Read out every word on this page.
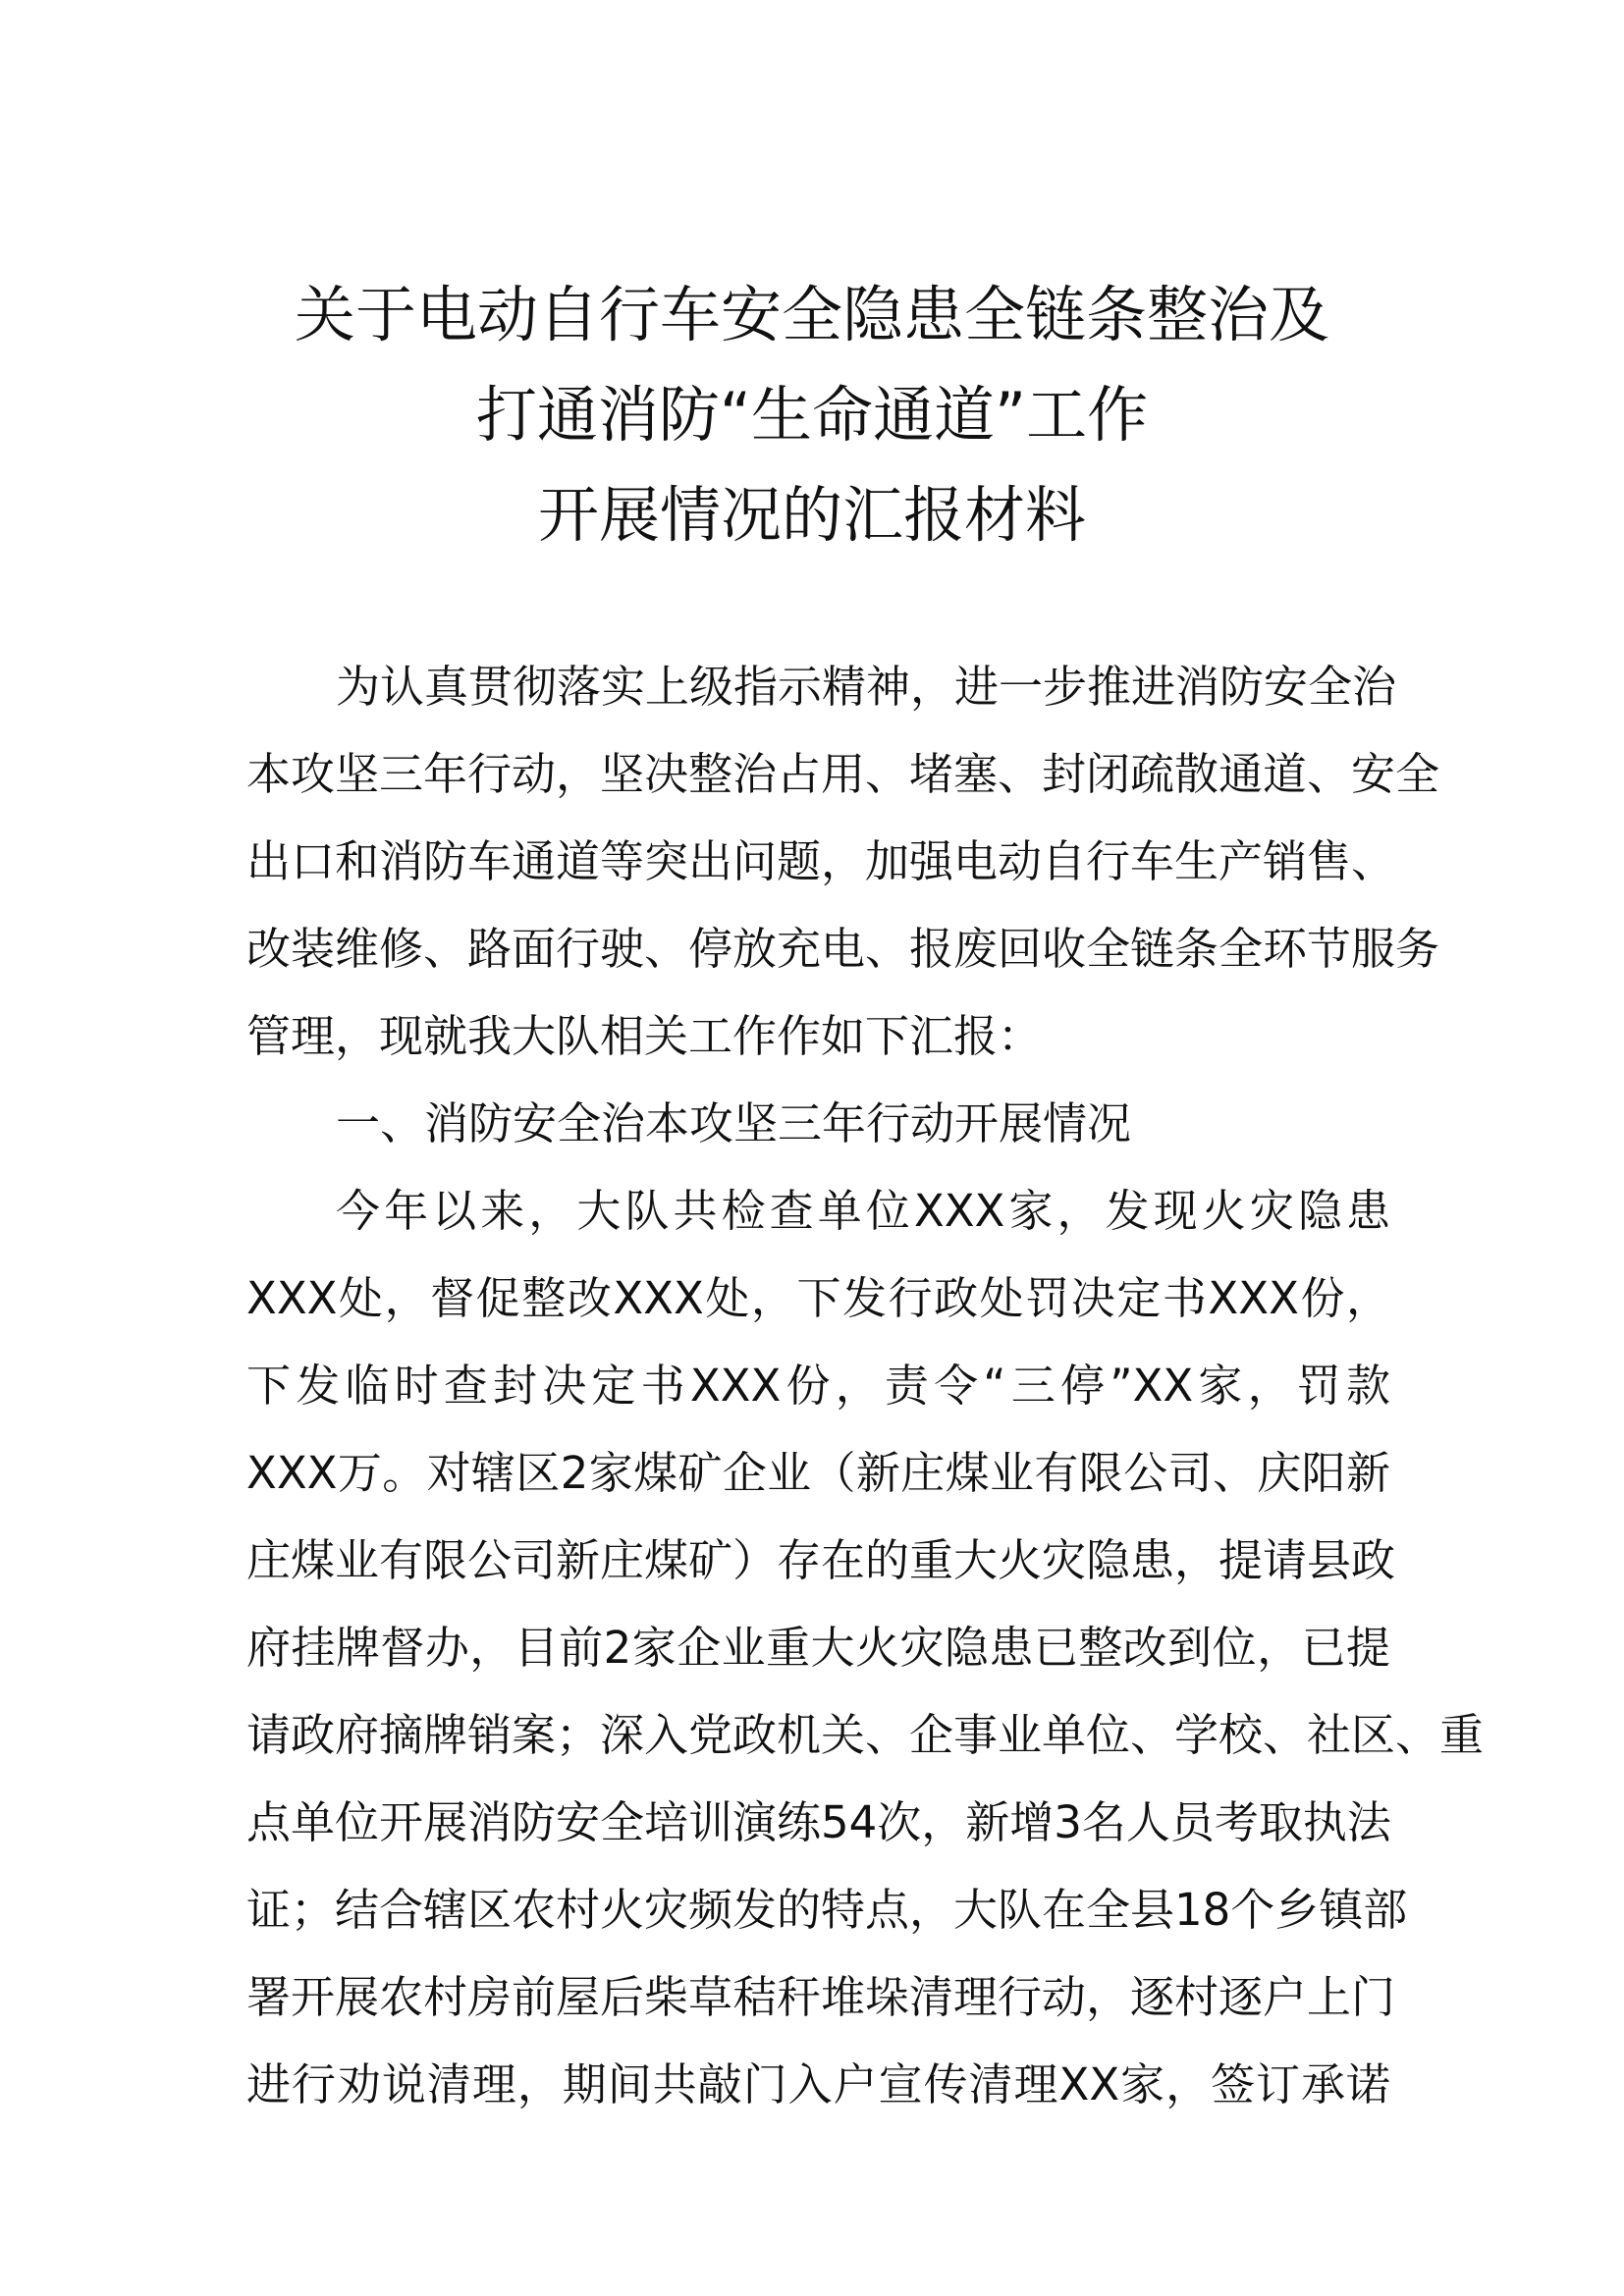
关于电动自行车安全隐患全链条整治及
打通消防“生命通道”工作
开展情况的汇报材料
为认真贯彻落实上级指示精神，进一步推进消防安全治
本攻坚三年行动，坚决整治占用、堵塞、封闭疏散通道、安全
出口和消防车通道等突出问题，加强电动自行车生产销售、
改装维修、路面行驶、停放充电、报废回收全链条全环节服务
管理，现就我大队相关工作作如下汇报：
一、消防安全治本攻坚三年行动开展情况
今年以来，大队共检查单位XXX家，发现火灾隐患
XXX处，督促整改XXX处，下发行政处罚决定书XXX份，
下发临时查封决定书XXX份，责令“三停”XX家，罚款
XXX万。对辖区2家煤矿企业（新庄煤业有限公司、庆阳新
庄煤业有限公司新庄煤矿）存在的重大火灾隐患，提请县政
府挂牌督办，目前2家企业重大火灾隐患已整改到位，已提
请政府摘牌销案；深入党政机关、企事业单位、学校、社区、重
点单位开展消防安全培训演练54次，新增3名人员考取执法
证；结合辖区农村火灾频发的特点，大队在全县18个乡镇部
署开展农村房前屋后柴草秸秆堆垛清理行动，逐村逐户上门
进行劝说清理，期间共敲门入户宣传清理XX家，签订承诺
